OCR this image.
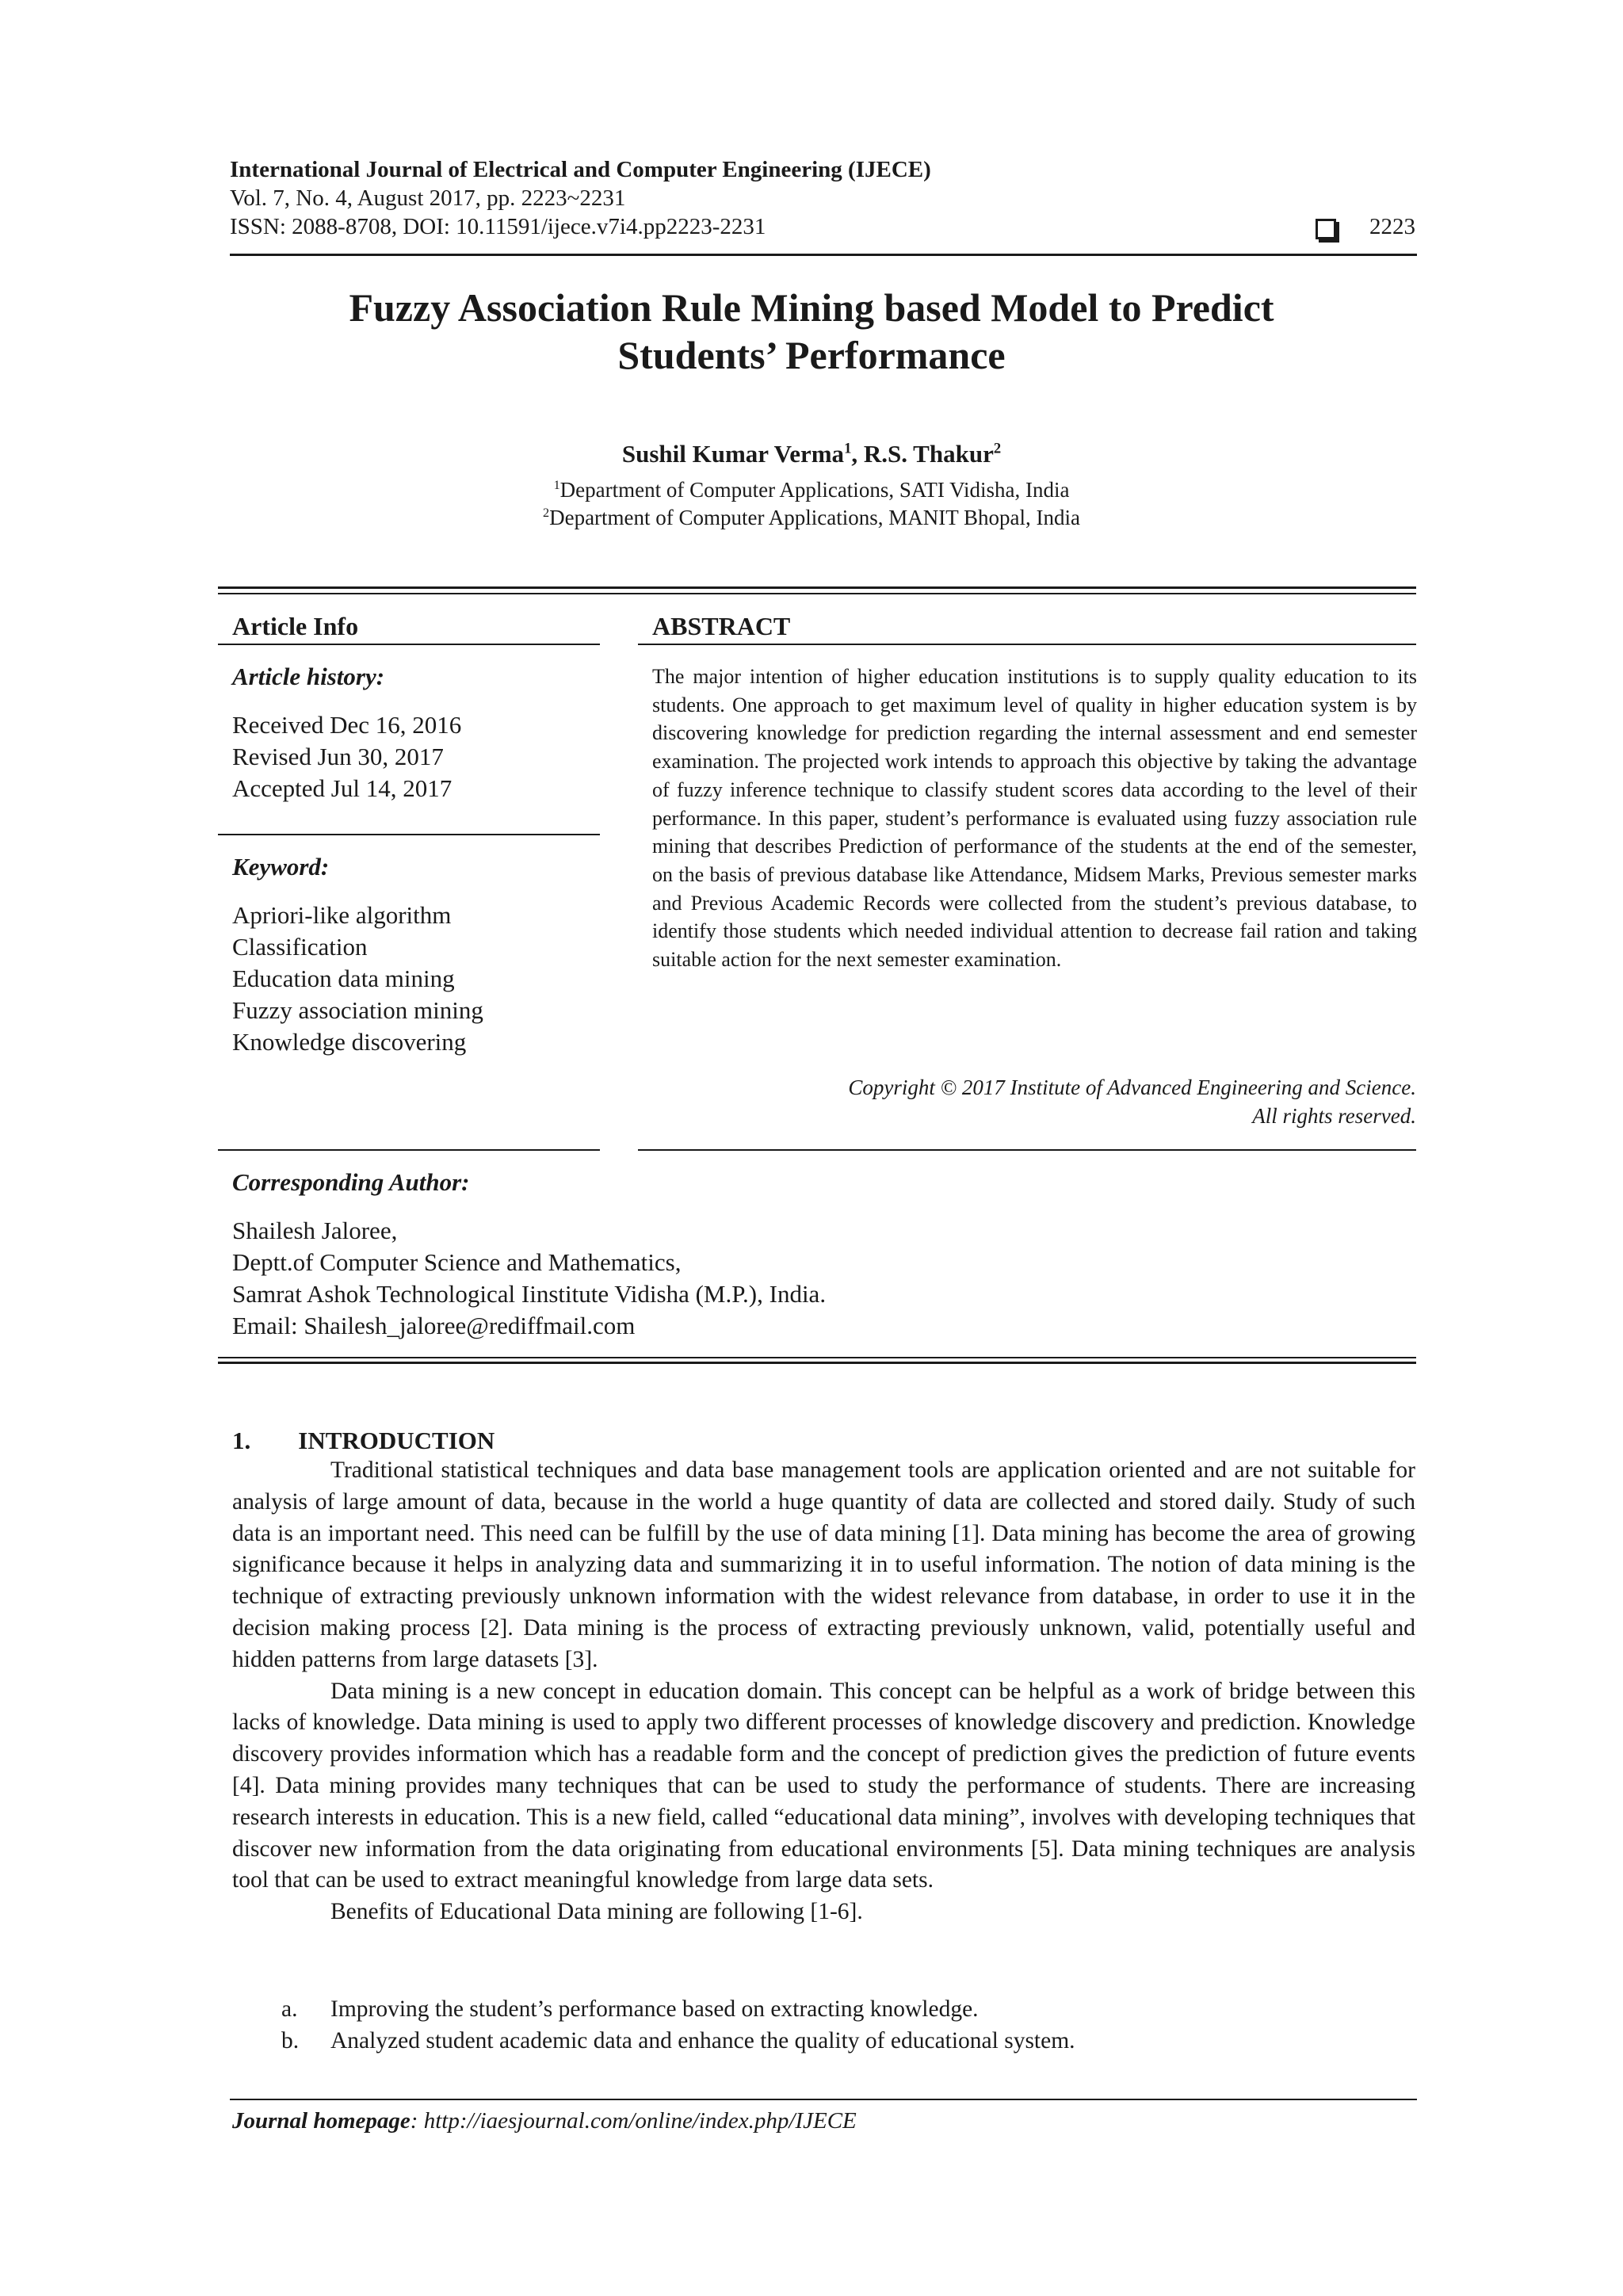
International Journal of Electrical and Computer Engineering (IJECE)
Vol. 7, No. 4, August 2017, pp. 2223~2231
ISSN: 2088-8708, DOI: 10.11591/ijece.v7i4.pp2223-2231	2223
Fuzzy Association Rule Mining based Model to Predict
Students’ Performance
Sushil Kumar Verma$^1$, R.S. Thakur$^2$
$^1$Department of Computer Applications, SATI Vidisha, India
$^2$Department of Computer Applications, MANIT Bhopal, India
Article Info
Article history:
Received Dec 16, 2016
Revised Jun 30, 2017
Accepted Jul 14, 2017
Keyword:
Apriori-like algorithm
Classification
Education data mining
Fuzzy association mining
Knowledge discovering
ABSTRACT
The major intention of higher education institutions is to supply quality education to its students. One approach to get maximum level of quality in higher education system is by discovering knowledge for prediction regarding the internal assessment and end semester examination. The projected work intends to approach this objective by taking the advantage of fuzzy inference technique to classify student scores data according to the level of their performance. In this paper, student’s performance is evaluated using fuzzy association rule mining that describes Prediction of performance of the students at the end of the semester, on the basis of previous database like Attendance, Midsem Marks, Previous semester marks and Previous Academic Records were collected from the student’s previous database, to identify those students which needed individual attention to decrease fail ration and taking suitable action for the next semester examination.
Copyright © 2017 Institute of Advanced Engineering and Science.
All rights reserved.
Corresponding Author:
Shailesh Jaloree,
Deptt.of Computer Science and Mathematics,
Samrat Ashok Technological Iinstitute Vidisha (M.P.), India.
Email: Shailesh_jaloree@rediffmail.com
1. INTRODUCTION

Traditional statistical techniques and data base management tools are application oriented and are not suitable for analysis of large amount of data, because in the world a huge quantity of data are collected and stored daily. Study of such data is an important need. This need can be fulfill by the use of data mining [1]. Data mining has become the area of growing significance because it helps in analyzing data and summarizing it in to useful information. The notion of data mining is the technique of extracting previously unknown information with the widest relevance from database, in order to use it in the decision making process [2]. Data mining is the process of extracting previously unknown, valid, potentially useful and hidden patterns from large datasets [3].

Data mining is a new concept in education domain. This concept can be helpful as a work of bridge between this lacks of knowledge. Data mining is used to apply two different processes of knowledge discovery and prediction. Knowledge discovery provides information which has a readable form and the concept of prediction gives the prediction of future events [4]. Data mining provides many techniques that can be used to study the performance of students. There are increasing research interests in education. This is a new field, called “educational data mining”, involves with developing techniques that discover new information from the data originating from educational environments [5]. Data mining techniques are analysis tool that can be used to extract meaningful knowledge from large data sets.

Benefits of Educational Data mining are following [1-6].

a. Improving the student’s performance based on extracting knowledge.
b. Analyzed student academic data and enhance the quality of educational system.
Journal homepage: http://iaesjournal.com/online/index.php/IJECE
